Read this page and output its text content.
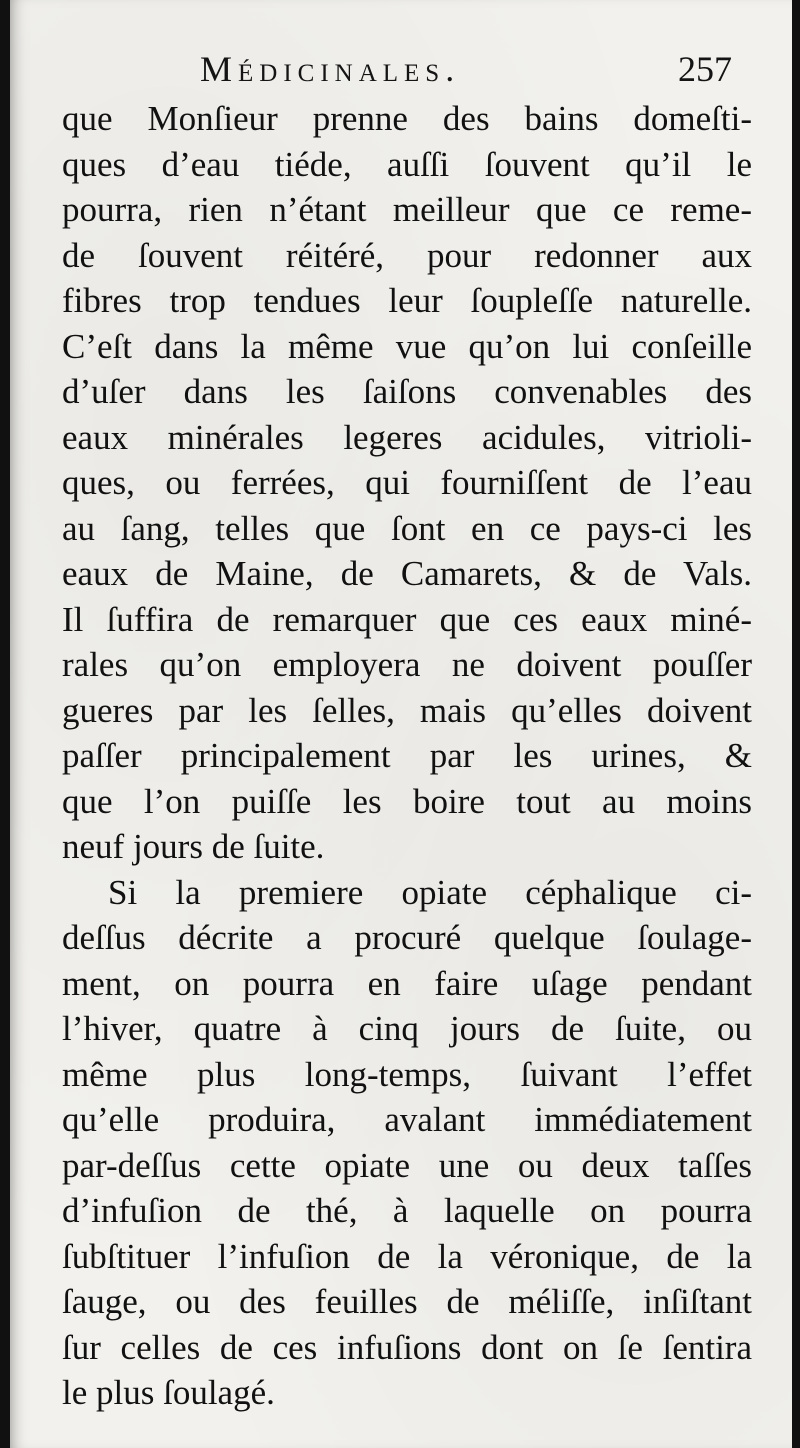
Médicinales.	257
que Monſieur prenne des bains domeſti-
ques d’eau tiéde, auſſi ſouvent qu’il le
pourra, rien n’étant meilleur que ce reme-
de ſouvent réitéré, pour redonner aux
fibres trop tendues leur ſoupleſſe naturelle.
C’eſt dans la même vue qu’on lui conſeille
d’uſer dans les ſaiſons convenables des
eaux minérales legeres acidules, vitrioli-
ques, ou ferrées, qui fourniſſent de l’eau
au ſang, telles que ſont en ce pays-ci les
eaux de Maine, de Camarets, & de Vals.
Il ſuffira de remarquer que ces eaux miné-
rales qu’on employera ne doivent pouſſer
gueres par les ſelles, mais qu’elles doivent
paſſer principalement par les urines, &
que l’on puiſſe les boire tout au moins
neuf jours de ſuite.
Si la premiere opiate céphalique ci-
deſſus décrite a procuré quelque ſoulage-
ment, on pourra en faire uſage pendant
l’hiver, quatre à cinq jours de ſuite, ou
même plus long-temps, ſuivant l’effet
qu’elle produira, avalant immédiatement
par-deſſus cette opiate une ou deux taſſes
d’infuſion de thé, à laquelle on pourra
ſubſtituer l’infuſion de la véronique, de la
ſauge, ou des feuilles de méliſſe, inſiſtant
ſur celles de ces infuſions dont on ſe ſentira
le plus ſoulagé.
